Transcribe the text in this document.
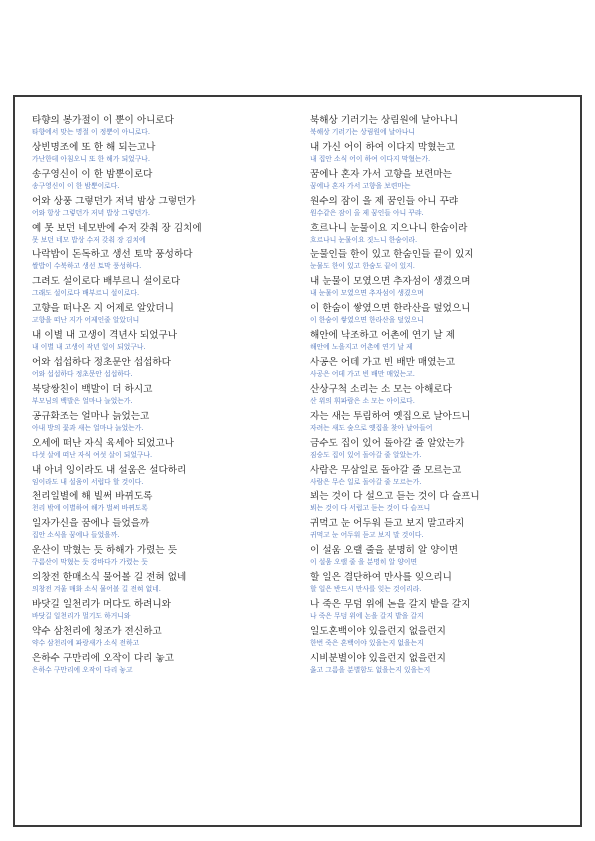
타향의 봉가절이 이 뿐이 아니로다
타향에서 맞는 명절 이 정뿐이 아니로다.
상빈명조에 또 한 해 되는고나
가난한데 아침오니 또 한 해가 되었구나.
송구영신이 이 한 밤뿐이로다
송구영신이 이 한 밤뿐이로다.
어와 상풍 그렇던가 저녁 밤상 그렇던가
어와 항상 그렇던가 저녁 밥상 그렇던가.
예 못 보던 네모반에 수저 갖춰 장 김치에
못 보던 네모 밥상 수저 갖춰 장 김치에
나락밥이 돈독하고 생선 토막 풍성하다
쌀밥이 수북하고 생선 토막 풍성하다.
그려도 설이로다 배부르니 설이로다
그래도 설이로다 배부르니 설이로다.
고향을 떠나온 지 어제로 알았더니
고향을 떠난 지가 어제인줄 알았더니
내 이별 내 고생이 격년사 되었구나
내 이별 내 고생이 작년 일이 되었구나.
어와 섭섭하다 정초문안 섭섭하다
어와 섭섭하다 정초문안 섭섭하다.
북당쌍친이 백발이 더 하시고
부모님의 백발은 얼마나 늘었는가.
공규화조는 얼마나 늙었는고
아내 방의 꽃과 새는 얼마나 늙었는가.
오세에 떠난 자식 육세아 되었고나
다섯 살에 떠난 자식 여섯 살이 되었구나.
내 아녀 잉이라도 내 설움은 설다하리
임이라도 내 설움이 서럽다 할 것이다.
천리일별에 해 빌써 바뀌도록
천리 밖에 이별하여 해가 벌써 바뀌도록
일자가신을 꿈에나 들었을까
집안 소식을 꿈에나 들었을까.
운산이 막혔는 듯 하해가 가렸는 듯
구름산이 막혔는 듯 강바다가 가렸는 듯
의창전 한매소식 물어볼 길 전혀 없네
의창전 겨울 매화 소식 물어볼 길 전혀 없네.
바닷길 일천리가 머다도 하려니와
바닷길 일천리가 멀기도 하거니와
약수 삼천리에 청조가 전신하고
약수 삼천리에 파랑새가 소식 전하고
은하수 구만리에 오작이 다리 놓고
은하수 구만리에 오작이 다리 놓고
북해상 기러기는 상림원에 날아나니
북해상 기러기는 상림원에 날아나니
내 가신 어이 하여 이다지 막혔는고
내 집안 소식 어이 하여 이다지 막혔는가.
꿈에나 혼자 가서 고향을 보련마는
꿈에나 혼자 가서 고향을 보련마는
원수의 잠이 올 제 꿈인들 아니 꾸랴
원수같은 잠이 올 제 꿈인들 아니 꾸랴.
흐르나니 눈물이요 지으나니 한숨이라
흐르나니 눈물이요 짓느니 한숨이라.
눈물인들 한이 있고 한숨인들 끝이 있지
눈물도 한이 있고 한숨도 끝이 있지.
내 눈물이 모였으면 추자섬이 생겼으며
내 눈물이 모였으면 추자섬이 생겼으며
이 한숨이 쌓였으면 한라산을 덮었으니
이 한숨이 쌓였으면 한라산을 덮었으니
해안에 낙조하고 어촌에 연기 날 제
해안에 노을지고 어촌에 연기 날 제
사공은 어데 가고 빈 배만 매였는고
사공은 어데 가고 빈 배만 매었는고.
산상구척 소리는 소 모는 아해로다
산 위의 휘파람은 소 모는 아이로다.
자는 새는 투림하여 옛집으로 날아드니
자려는 새도 숲으로 옛집을 찾아 날아들어
금수도 집이 있어 돌아갈 줄 알았는가
짐승도 집이 있어 돌아갈 줄 알았는가.
사람은 무삼일로 돌아갈 줄 모르는고
사람은 무슨 일로 돌아갈 줄 모르는가.
뵈는 것이 다 설으고 듣는 것이 다 슬프니
뵈는 것이 다 서럽고 듣는 것이 다 슬프니
귀먹고 눈 어두워 듣고 보지 말고라지
귀먹고 눈 어두워 듣고 보지 말 것이다.
이 설움 오랠 줄을 분명히 알 양이면
이 설움 오랠 줄 을 분명히 알 양이면
할 일은 결단하여 만사를 잊으리니
할 일은 반드시 만사를 잊는 것이리라.
나 죽은 무덤 위에 논을 갈지 밭을 갈지
나 죽은 무덤 위에 논을 갈지 밭을 갈지
일도혼백이야 있을런지 없을런지
한번 죽은 혼백이야 있을는지 없을는지
시비분별이야 있을런지 없을런지
옳고 그름을 분별함도 없을는지 있을는지
